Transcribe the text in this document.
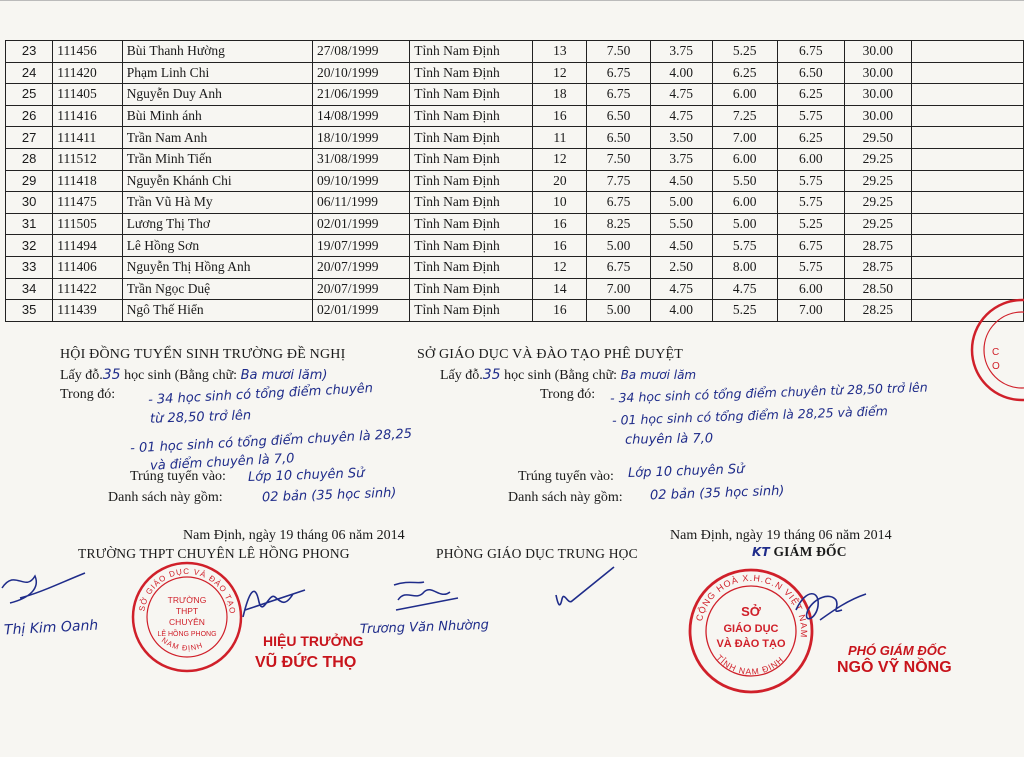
23	111456	Bùi Thanh Hường	27/08/1999	Tỉnh Nam Định	13	7.50	3.75	5.25	6.75	30.00	
24	111420	Phạm Linh Chi	20/10/1999	Tỉnh Nam Định	12	6.75	4.00	6.25	6.50	30.00	
25	111405	Nguyễn Duy Anh	21/06/1999	Tỉnh Nam Định	18	6.75	4.75	6.00	6.25	30.00	
26	111416	Bùi Minh ánh	14/08/1999	Tỉnh Nam Định	16	6.50	4.75	7.25	5.75	30.00	
27	111411	Trần Nam Anh	18/10/1999	Tỉnh Nam Định	11	6.50	3.50	7.00	6.25	29.50	
28	111512	Trần Minh Tiến	31/08/1999	Tỉnh Nam Định	12	7.50	3.75	6.00	6.00	29.25	
29	111418	Nguyễn Khánh Chi	09/10/1999	Tỉnh Nam Định	20	7.75	4.50	5.50	5.75	29.25	
30	111475	Trần Vũ Hà My	06/11/1999	Tỉnh Nam Định	10	6.75	5.00	6.00	5.75	29.25	
31	111505	Lương Thị Thơ	02/01/1999	Tỉnh Nam Định	16	8.25	5.50	5.00	5.25	29.25	
32	111494	Lê Hồng Sơn	19/07/1999	Tỉnh Nam Định	16	5.00	4.50	5.75	6.75	28.75	
33	111406	Nguyễn Thị Hồng Anh	20/07/1999	Tỉnh Nam Định	12	6.75	2.50	8.00	5.75	28.75	
34	111422	Trần Ngọc Duệ	20/07/1999	Tỉnh Nam Định	14	7.00	4.75	4.75	6.00	28.50	
35	111439	Ngô Thế Hiển	02/01/1999	Tỉnh Nam Định	16	5.00	4.00	5.25	7.00	28.25	
HỘI ĐỒNG TUYỂN SINH TRƯỜNG ĐỀ NGHỊ
Lấy đỗ.35 học sinh (Bằng chữ: Ba mươi lăm)
Trong đó:	- 34 học sinh có tổng điểm chuyên
từ 28,50 trở lên
- 01 học sinh có tổng điểm chuyên là 28,25
và điểm chuyên là 7,0
Trúng tuyển vào: Lớp 10 chuyên Sử
Danh sách này gồm:	02 bản (35 học sinh)
SỞ GIÁO DỤC VÀ ĐÀO TẠO PHÊ DUYỆT
Lấy đỗ.35 học sinh (Bằng chữ: Ba mươi lăm
Trong đó: - 34 học sinh có tổng điểm chuyên từ 28,50 trở lên
- 01 học sinh có tổng điểm là 28,25 và điểm
chuyên là 7,0
Trúng tuyển vào: Lớp 10 chuyên Sử
Danh sách này gồm: 02 bản (35 học sinh)
Nam Định, ngày 19 tháng 06 năm 2014	Nam Định, ngày 19 tháng 06 năm 2014
TRƯỜNG THPT CHUYÊN LÊ HỒNG PHONG	PHÒNG GIÁO DỤC TRUNG HỌC	KT GIÁM ĐỐC
SỞ GIÁO DỤC VÀ ĐÀO TẠO
NAM ĐỊNH
TRƯỜNG
THPT
CHUYÊN
LÊ HỒNG PHONG
CỘNG HOÀ X.H.C.N VIỆT NAM
TỈNH NAM ĐỊNH
SỞ
GIÁO DỤC
VÀ ĐÀO TẠO
C
O
Thị Kim Oanh
HIỆU TRƯỞNG
VŨ ĐỨC THỌ
Trương Văn Nhường
PHÓ GIÁM ĐỐC
NGÔ VỸ NỒNG
